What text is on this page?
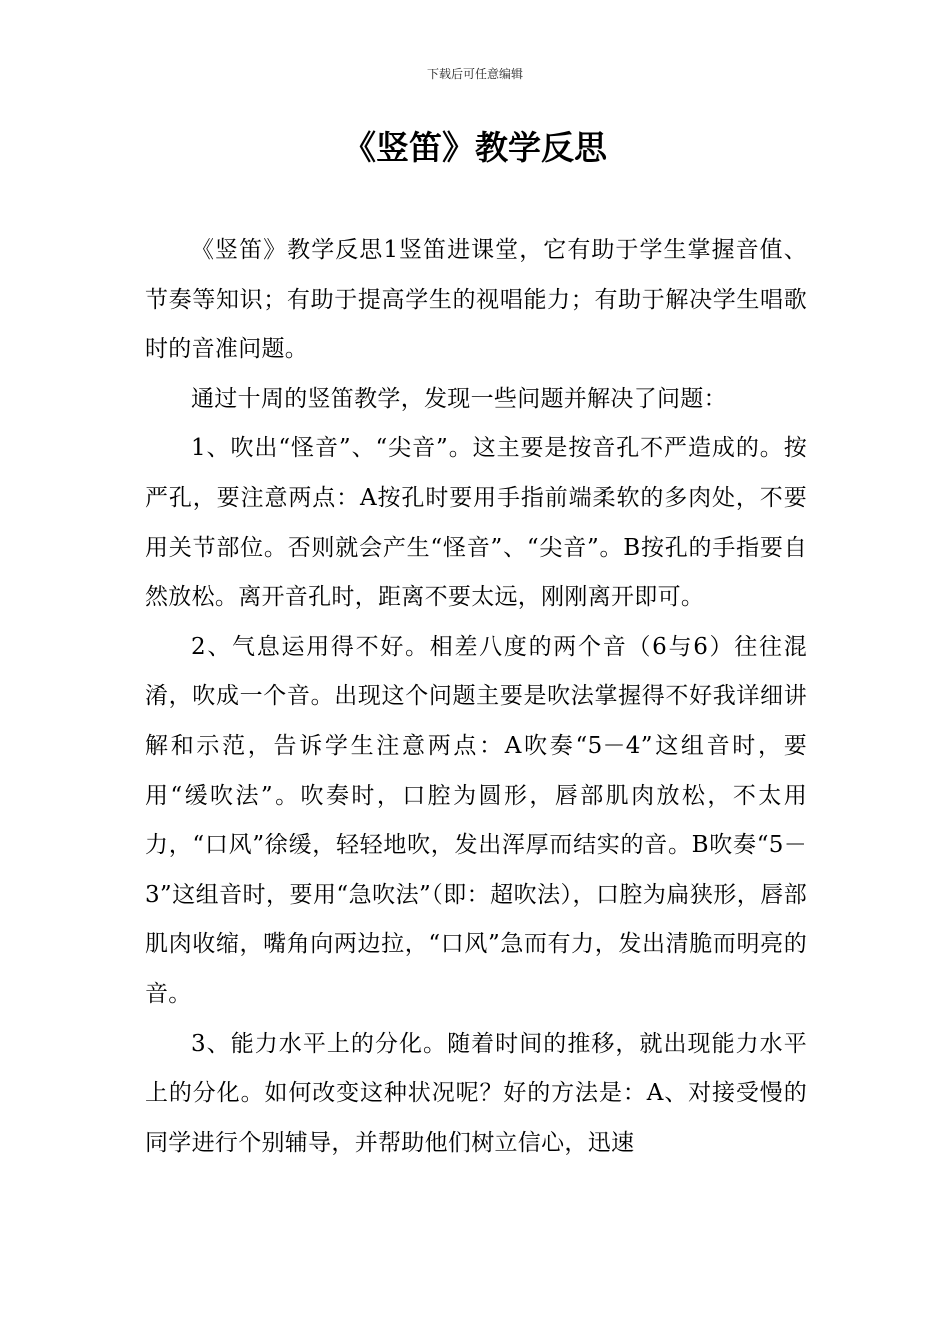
下载后可任意编辑
《竖笛》教学反思

《竖笛》教学反思1竖笛进课堂，它有助于学生掌握音值、节奏等知识；有助于提高学生的视唱能力；有助于解决学生唱歌时的音准问题。

通过十周的竖笛教学，发现一些问题并解决了问题：

1、吹出“怪音”、“尖音”。这主要是按音孔不严造成的。按严孔，要注意两点：A按孔时要用手指前端柔软的多肉处，不要用关节部位。否则就会产生“怪音”、“尖音”。B按孔的手指要自然放松。离开音孔时，距离不要太远，刚刚离开即可。

2、气息运用得不好。相差八度的两个音（6与6）往往混淆，吹成一个音。出现这个问题主要是吹法掌握得不好我详细讲解和示范，告诉学生注意两点：A吹奏“5－4”这组音时，要用“缓吹法”。吹奏时，口腔为圆形，唇部肌肉放松，不太用力，“口风”徐缓，轻轻地吹，发出浑厚而结实的音。B吹奏“5－3”这组音时，要用“急吹法”（即：超吹法），口腔为扁狭形，唇部肌肉收缩，嘴角向两边拉，“口风”急而有力，发出清脆而明亮的音。

3、能力水平上的分化。随着时间的推移，就出现能力水平上的分化。如何改变这种状况呢？好的方法是：A、对接受慢的同学进行个别辅导，并帮助他们树立信心，迅速
